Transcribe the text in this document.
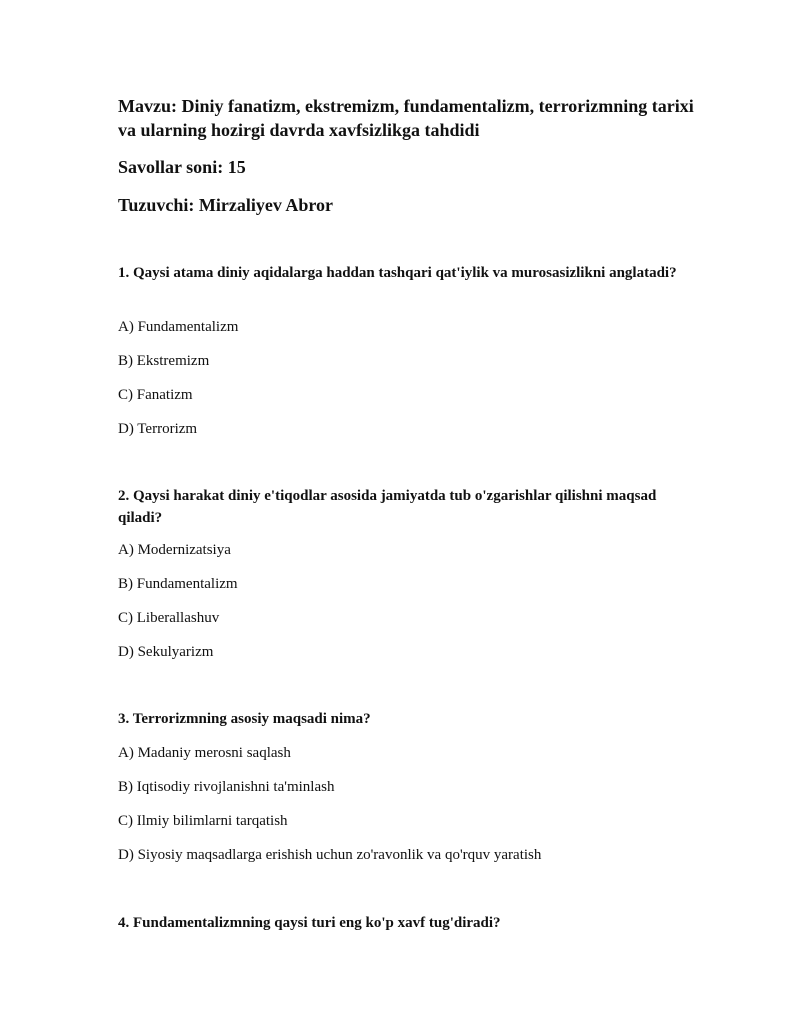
Mavzu: Diniy fanatizm, ekstremizm, fundamentalizm, terrorizmning tarixi va ularning hozirgi davrda xavfsizlikga tahdidi

Savollar soni: 15

Tuzuvchi: Mirzaliyev Abror

1. Qaysi atama diniy aqidalarga haddan tashqari qat'iylik va murosasizlikni anglatadi?

A) Fundamentalizm

B) Ekstremizm

C) Fanatizm

D) Terrorizm

2. Qaysi harakat diniy e'tiqodlar asosida jamiyatda tub o'zgarishlar qilishni maqsad qiladi?

A) Modernizatsiya

B) Fundamentalizm

C) Liberallashuv

D) Sekulyarizm

3. Terrorizmning asosiy maqsadi nima?

A) Madaniy merosni saqlash

B) Iqtisodiy rivojlanishni ta'minlash

C) Ilmiy bilimlarni tarqatish

D) Siyosiy maqsadlarga erishish uchun zo'ravonlik va qo'rquv yaratish

4. Fundamentalizmning qaysi turi eng ko'p xavf tug'diradi?
